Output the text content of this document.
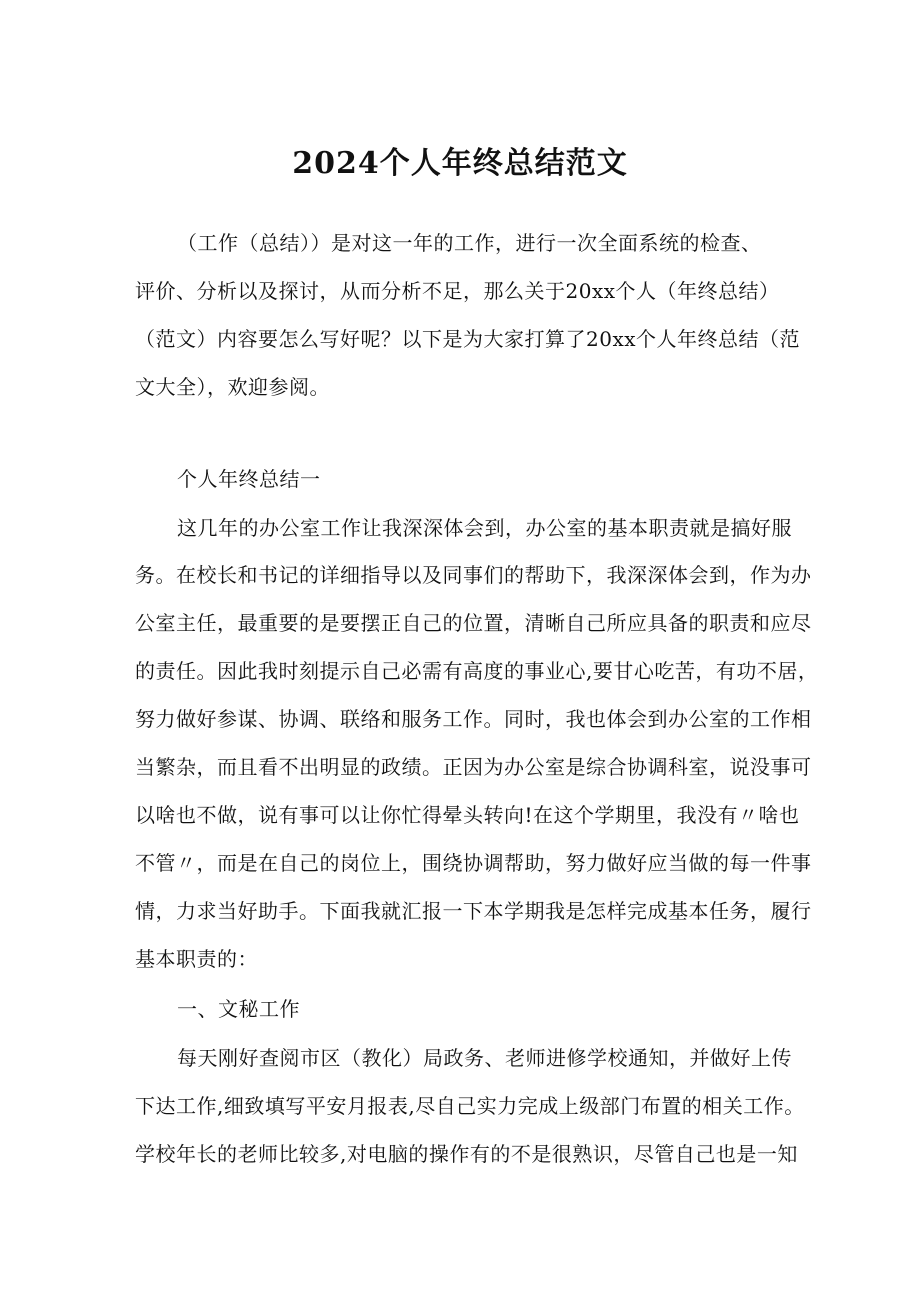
2024个人年终总结范文
（工作（总结））是对这一年的工作，进行一次全面系统的检查、
评价、分析以及探讨，从而分析不足，那么关于20xx个人（年终总结）
（范文）内容要怎么写好呢？以下是为大家打算了20xx个人年终总结（范
文大全），欢迎参阅。
个人年终总结一
这几年的办公室工作让我深深体会到，办公室的基本职责就是搞好服
务。在校长和书记的详细指导以及同事们的帮助下，我深深体会到，作为办
公室主任，最重要的是要摆正自己的位置，清晰自己所应具备的职责和应尽
的责任。因此我时刻提示自己必需有高度的事业心,要甘心吃苦，有功不居，
努力做好参谋、协调、联络和服务工作。同时，我也体会到办公室的工作相
当繁杂，而且看不出明显的政绩。正因为办公室是综合协调科室，说没事可
以啥也不做，说有事可以让你忙得晕头转向!在这个学期里，我没有〃啥也
不管〃，而是在自己的岗位上，围绕协调帮助，努力做好应当做的每一件事
情，力求当好助手。下面我就汇报一下本学期我是怎样完成基本任务，履行
基本职责的：
一、文秘工作
每天刚好查阅市区（教化）局政务、老师进修学校通知，并做好上传
下达工作,细致填写平安月报表,尽自己实力完成上级部门布置的相关工作。
学校年长的老师比较多,对电脑的操作有的不是很熟识，尽管自己也是一知
